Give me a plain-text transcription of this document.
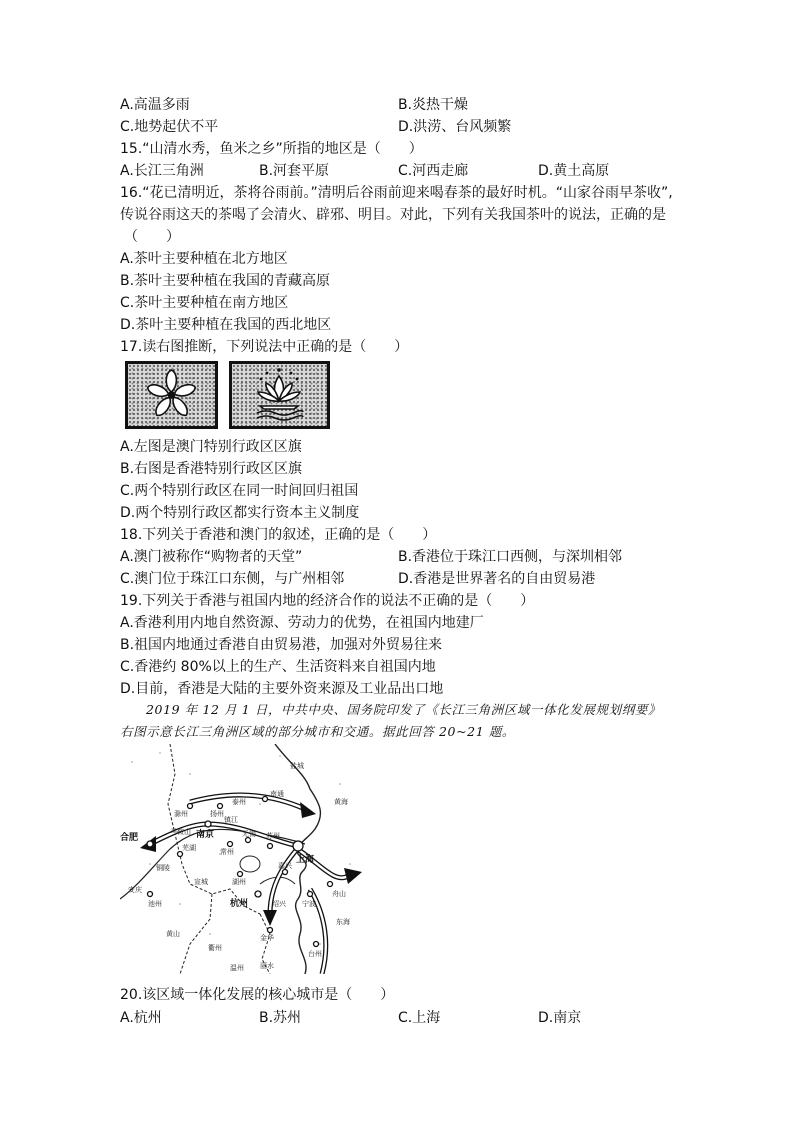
A.高温多雨	B.炎热干燥
C.地势起伏不平	D.洪涝、台风频繁
15.“山清水秀，鱼米之乡”所指的地区是（　　）
A.长江三角洲	B.河套平原	C.河西走廊	D.黄土高原
16.“花已清明近，茶将谷雨前。”清明后谷雨前迎来喝春茶的最好时机。“山家谷雨早茶收”,
传说谷雨这天的茶喝了会清火、辟邪、明目。对此，下列有关我国茶叶的说法，正确的是
（　　）
A.茶叶主要种植在北方地区
B.茶叶主要种植在我国的青藏高原
C.茶叶主要种植在南方地区
D.茶叶主要种植在我国的西北地区
17.读右图推断，下列说法中正确的是（　　）
A.左图是澳门特别行政区区旗
B.右图是香港特别行政区区旗
C.两个特别行政区在同一时间回归祖国
D.两个特别行政区都实行资本主义制度
18.下列关于香港和澳门的叙述，正确的是（　　）
A.澳门被称作“购物者的天堂”	B.香港位于珠江口西侧，与深圳相邻
C.澳门位于珠江口东侧，与广州相邻	D.香港是世界著名的自由贸易港
19.下列关于香港与祖国内地的经济合作的说法不正确的是（　　）
A.香港利用内地自然资源、劳动力的优势，在祖国内地建厂
B.祖国内地通过香港自由贸易港，加强对外贸易往来
C.香港约 80%以上的生产、生活资料来自祖国内地
D.目前，香港是大陆的主要外资来源及工业品出口地
2019 年 12 月 1 日，中共中央、国务院印发了《长江三角洲区域一体化发展规划纲要》
右图示意长江三角洲区域的部分城市和交通。据此回答 20~21 题。
合肥	南京
上海
杭州
泰州
南通
扬州
镇江
滁州
常州
无锡 苏州
湖州
嘉兴
绍兴 宁波
舟山
金华
台州
安庆
池州
黄山
衢州
丽水
温州
芜湖
马鞍山
铜陵
宣城
盐城
黄海
东海
20.该区域一体化发展的核心城市是（　　）
A.杭州	B.苏州	C.上海	D.南京
